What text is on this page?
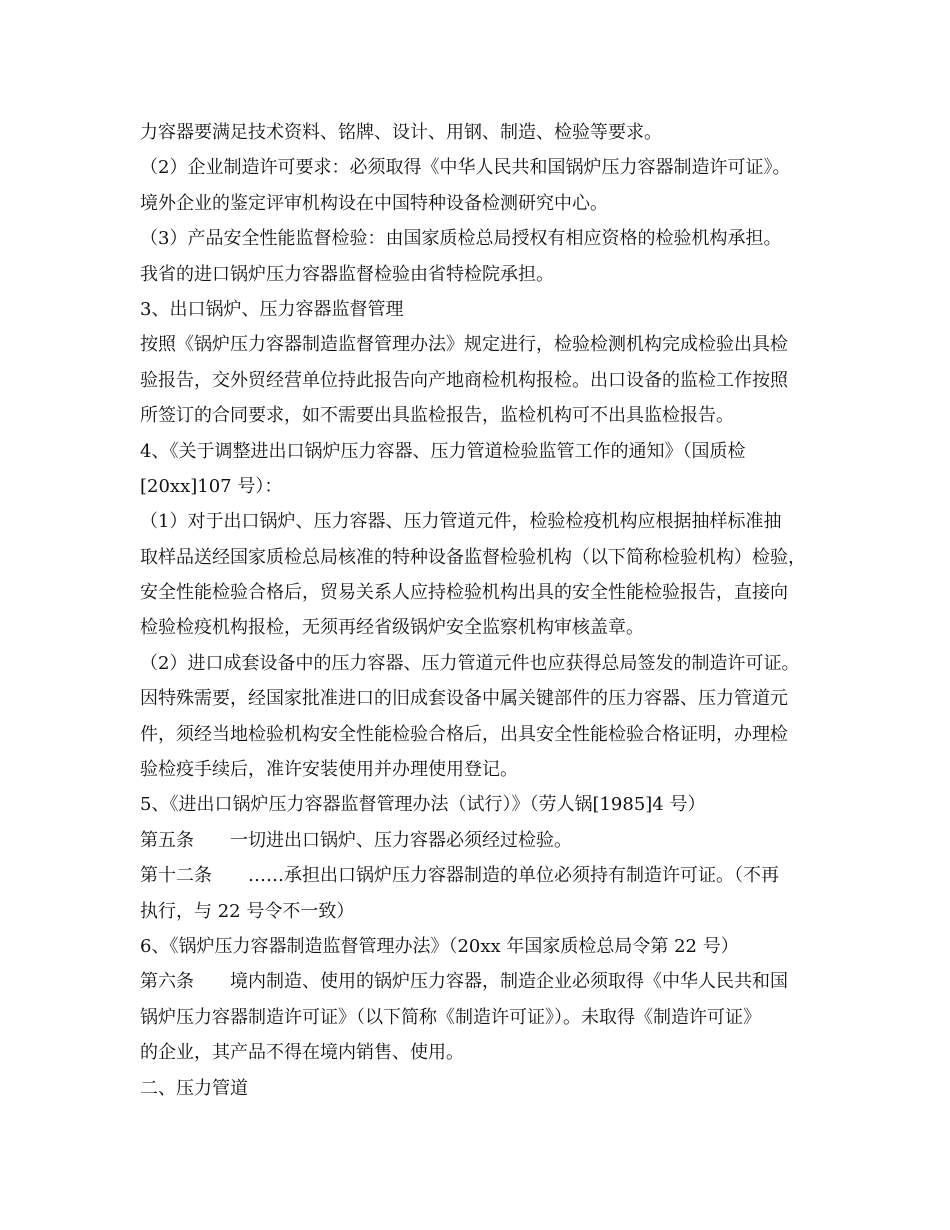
力容器要满足技术资料、铭牌、设计、用钢、制造、检验等要求。
（2）企业制造许可要求：必须取得《中华人民共和国锅炉压力容器制造许可证》。
境外企业的鉴定评审机构设在中国特种设备检测研究中心。
（3）产品安全性能监督检验：由国家质检总局授权有相应资格的检验机构承担。
我省的进口锅炉压力容器监督检验由省特检院承担。
3、出口锅炉、压力容器监督管理
按照《锅炉压力容器制造监督管理办法》规定进行，检验检测机构完成检验出具检
验报告，交外贸经营单位持此报告向产地商检机构报检。出口设备的监检工作按照
所签订的合同要求，如不需要出具监检报告，监检机构可不出具监检报告。
4、《关于调整进出口锅炉压力容器、压力管道检验监管工作的通知》（国质检
[20xx]107 号）：
（1）对于出口锅炉、压力容器、压力管道元件，检验检疫机构应根据抽样标准抽
取样品送经国家质检总局核准的特种设备监督检验机构（以下简称检验机构）检验，
安全性能检验合格后，贸易关系人应持检验机构出具的安全性能检验报告，直接向
检验检疫机构报检，无须再经省级锅炉安全监察机构审核盖章。
（2）进口成套设备中的压力容器、压力管道元件也应获得总局签发的制造许可证。
因特殊需要，经国家批准进口的旧成套设备中属关键部件的压力容器、压力管道元
件，须经当地检验机构安全性能检验合格后，出具安全性能检验合格证明，办理检
验检疫手续后，准许安装使用并办理使用登记。
5、《进出口锅炉压力容器监督管理办法（试行）》（劳人锅[1985]4 号）
第五条　　一切进出口锅炉、压力容器必须经过检验。
第十二条　　……承担出口锅炉压力容器制造的单位必须持有制造许可证。（不再
执行，与 22 号令不一致）
6、《锅炉压力容器制造监督管理办法》（20xx 年国家质检总局令第 22 号）
第六条　　境内制造、使用的锅炉压力容器，制造企业必须取得《中华人民共和国
锅炉压力容器制造许可证》（以下简称《制造许可证》）。未取得《制造许可证》
的企业，其产品不得在境内销售、使用。
二、压力管道
